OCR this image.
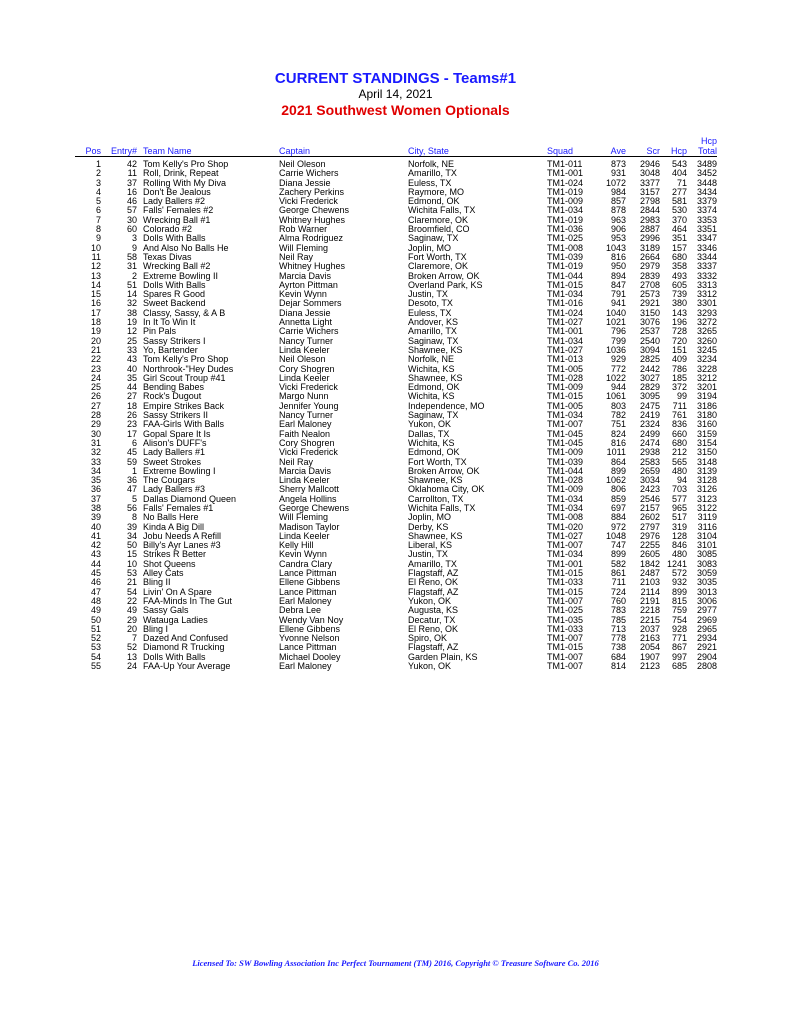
CURRENT STANDINGS - Teams#1
April 14, 2021
2021 Southwest Women Optionals
Pos	Entry#	Team Name	Captain	City, State	Squad	Ave	Scr	Hcp	Hcp
Total

1	42	Tom Kelly's Pro Shop	Neil Oleson	Norfolk, NE	TM1-011	873	2946	543	3489
2	11	Roll, Drink, Repeat	Carrie Wichers	Amarillo, TX	TM1-001	931	3048	404	3452
3	37	Rolling With My Diva	Diana Jessie	Euless, TX	TM1-024	1072	3377	71	3448
4	16	Don't Be Jealous	Zachery Perkins	Raymore, MO	TM1-019	984	3157	277	3434
5	46	Lady Ballers #2	Vicki Frederick	Edmond, OK	TM1-009	857	2798	581	3379
6	57	Falls' Females #2	George Chewens	Wichita Falls, TX	TM1-034	878	2844	530	3374
7	30	Wrecking Ball #1	Whitney Hughes	Claremore, OK	TM1-019	963	2983	370	3353
8	60	Colorado #2	Rob Warner	Broomfield, CO	TM1-036	906	2887	464	3351
9	3	Dolls With Balls	Alma Rodriguez	Saginaw, TX	TM1-025	953	2996	351	3347
10	9	And Also No Balls He	Will Fleming	Joplin, MO	TM1-008	1043	3189	157	3346
11	58	Texas Divas	Neil Ray	Fort Worth, TX	TM1-039	816	2664	680	3344
12	31	Wrecking Ball #2	Whitney Hughes	Claremore, OK	TM1-019	950	2979	358	3337
13	2	Extreme Bowling II	Marcia Davis	Broken Arrow, OK	TM1-044	894	2839	493	3332
14	51	Dolls With Balls	Ayrton Pittman	Overland Park, KS	TM1-015	847	2708	605	3313
15	14	Spares R Good	Kevin Wynn	Justin, TX	TM1-034	791	2573	739	3312
16	32	Sweet Backend	Dejar Sommers	Desoto, TX	TM1-016	941	2921	380	3301
17	38	Classy, Sassy, & A B	Diana Jessie	Euless, TX	TM1-024	1040	3150	143	3293
18	19	In It To Win It	Annetta Light	Andover, KS	TM1-027	1021	3076	196	3272
19	12	Pin Pals	Carrie Wichers	Amarillo, TX	TM1-001	796	2537	728	3265
20	25	Sassy Strikers I	Nancy Turner	Saginaw, TX	TM1-034	799	2540	720	3260
21	33	Yo, Bartender	Linda Keeler	Shawnee, KS	TM1-027	1036	3094	151	3245
22	43	Tom Kelly's Pro Shop	Neil Oleson	Norfolk, NE	TM1-013	929	2825	409	3234
23	40	Northrook-"Hey Dudes	Cory Shogren	Wichita, KS	TM1-005	772	2442	786	3228
24	35	Girl Scout Troup #41	Linda Keeler	Shawnee, KS	TM1-028	1022	3027	185	3212
25	44	Bending Babes	Vicki Frederick	Edmond, OK	TM1-009	944	2829	372	3201
26	27	Rock's Dugout	Margo Nunn	Wichita, KS	TM1-015	1061	3095	99	3194
27	18	Empire Strikes Back	Jennifer Young	Independence, MO	TM1-005	803	2475	711	3186
28	26	Sassy Strikers II	Nancy Turner	Saginaw, TX	TM1-034	782	2419	761	3180
29	23	FAA-Girls With Balls	Earl Maloney	Yukon, OK	TM1-007	751	2324	836	3160
30	17	Gopal Spare It Is	Faith Nealon	Dallas, TX	TM1-045	824	2499	660	3159
31	6	Alison's DUFF's	Cory Shogren	Wichita, KS	TM1-045	816	2474	680	3154
32	45	Lady Ballers #1	Vicki Frederick	Edmond, OK	TM1-009	1011	2938	212	3150
33	59	Sweet Strokes	Neil Ray	Fort Worth, TX	TM1-039	864	2583	565	3148
34	1	Extreme Bowling I	Marcia Davis	Broken Arrow, OK	TM1-044	899	2659	480	3139
35	36	The Cougars	Linda Keeler	Shawnee, KS	TM1-028	1062	3034	94	3128
36	47	Lady Ballers #3	Sherry Mallcott	Oklahoma City, OK	TM1-009	806	2423	703	3126
37	5	Dallas Diamond Queen	Angela Hollins	Carrollton, TX	TM1-034	859	2546	577	3123
38	56	Falls' Females #1	George Chewens	Wichita Falls, TX	TM1-034	697	2157	965	3122
39	8	No Balls Here	Will Fleming	Joplin, MO	TM1-008	884	2602	517	3119
40	39	Kinda A Big Dill	Madison Taylor	Derby, KS	TM1-020	972	2797	319	3116
41	34	Jobu Needs A Refill	Linda Keeler	Shawnee, KS	TM1-027	1048	2976	128	3104
42	50	Billy's Ayr Lanes #3	Kelly Hill	Liberal, KS	TM1-007	747	2255	846	3101
43	15	Strikes R Better	Kevin Wynn	Justin, TX	TM1-034	899	2605	480	3085
44	10	Shot Queens	Candra Clary	Amarillo, TX	TM1-001	582	1842	1241	3083
45	53	Alley Cats	Lance Pittman	Flagstaff, AZ	TM1-015	861	2487	572	3059
46	21	Bling II	Ellene Gibbens	El Reno, OK	TM1-033	711	2103	932	3035
47	54	Livin' On A Spare	Lance Pittman	Flagstaff, AZ	TM1-015	724	2114	899	3013
48	22	FAA-Minds In The Gut	Earl Maloney	Yukon, OK	TM1-007	760	2191	815	3006
49	49	Sassy Gals	Debra Lee	Augusta, KS	TM1-025	783	2218	759	2977
50	29	Watauga Ladies	Wendy Van Noy	Decatur, TX	TM1-035	785	2215	754	2969
51	20	Bling I	Ellene Gibbens	El Reno, OK	TM1-033	713	2037	928	2965
52	7	Dazed And Confused	Yvonne Nelson	Spiro, OK	TM1-007	778	2163	771	2934
53	52	Diamond R Trucking	Lance Pittman	Flagstaff, AZ	TM1-015	738	2054	867	2921
54	13	Dolls With Balls	Michael Dooley	Garden Plain, KS	TM1-007	684	1907	997	2904
55	24	FAA-Up Your Average	Earl Maloney	Yukon, OK	TM1-007	814	2123	685	2808
Licensed To: SW Bowling Association Inc Perfect Tournament (TM) 2016, Copyright © Treasure Software Co. 2016
